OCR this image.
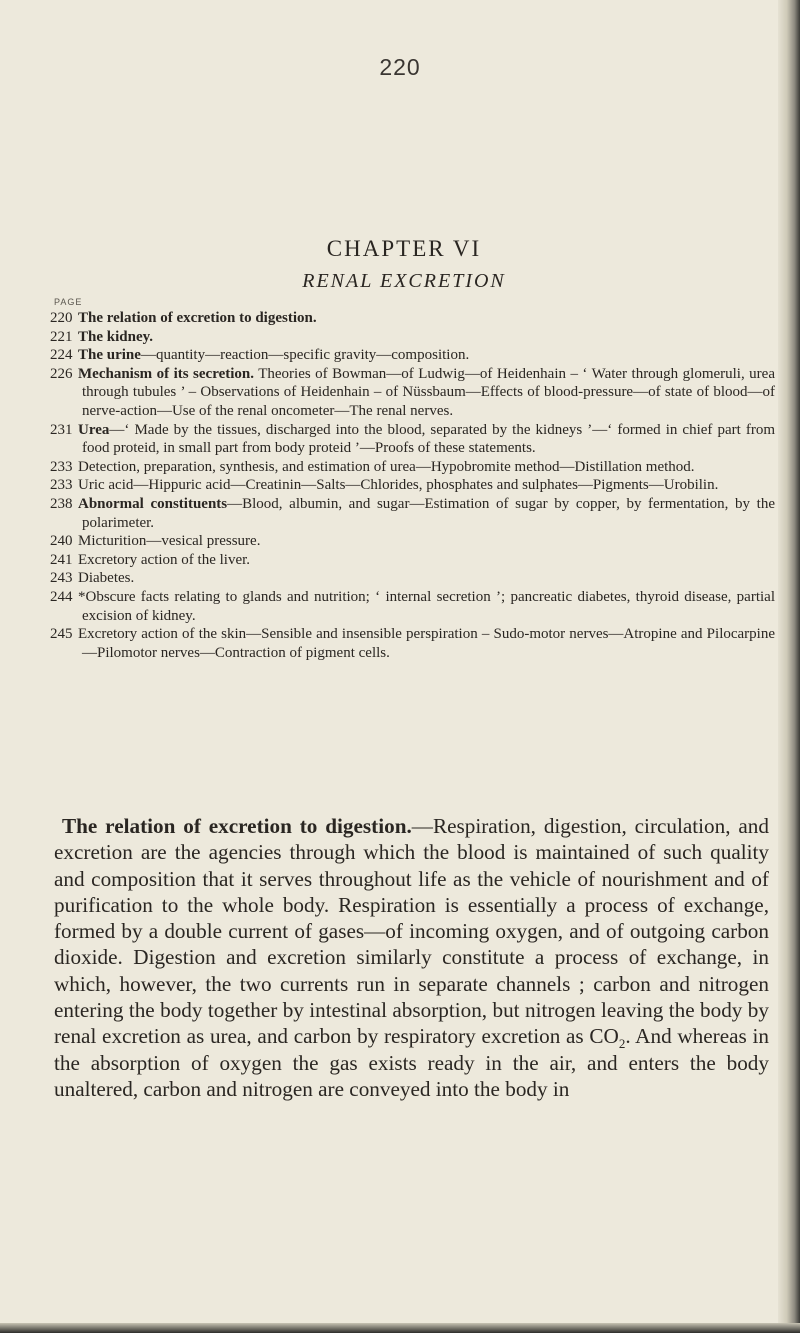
220
CHAPTER VI
RENAL EXCRETION
PAGE
220 The relation of excretion to digestion.
221 The kidney.
224 The urine—quantity—reaction—specific gravity—composition.
226 Mechanism of its secretion. Theories of Bowman—of Ludwig—of Heidenhain – ‘ Water through glomeruli, urea through tubules ’ – Observations of Heidenhain – of Nüssbaum—Effects of blood-pressure—of state of blood—of nerve-action—Use of the renal oncometer—The renal nerves.
231 Urea—‘ Made by the tissues, discharged into the blood, separated by the kidneys ’—‘ formed in chief part from food proteid, in small part from body proteid ’—Proofs of these statements.
233 Detection, preparation, synthesis, and estimation of urea—Hypobromite method—Distillation method.
233 Uric acid—Hippuric acid—Creatinin—Salts—Chlorides, phosphates and sulphates—Pigments—Urobilin.
238 Abnormal constituents—Blood, albumin, and sugar—Estimation of sugar by copper, by fermentation, by the polarimeter.
240 Micturition—vesical pressure.
241 Excretory action of the liver.
243 Diabetes.
244 *Obscure facts relating to glands and nutrition; ‘ internal secretion ’; pancreatic diabetes, thyroid disease, partial excision of kidney.
245 Excretory action of the skin—Sensible and insensible perspiration – Sudo-motor nerves—Atropine and Pilocarpine—Pilomotor nerves—Contraction of pigment cells.
The relation of excretion to digestion.—Respiration, digestion, circulation, and excretion are the agencies through which the blood is maintained of such quality and composition that it serves throughout life as the vehicle of nourishment and of purification to the whole body. Respiration is essentially a process of exchange, formed by a double current of gases—of incoming oxygen, and of outgoing carbon dioxide. Digestion and excretion similarly constitute a process of exchange, in which, however, the two currents run in separate channels ; carbon and nitrogen entering the body together by intestinal absorption, but nitrogen leaving the body by renal excretion as urea, and carbon by respiratory excretion as $CO_2$. And whereas in the absorption of oxygen the gas exists ready in the air, and enters the body unaltered, carbon and nitrogen are conveyed into the body in
